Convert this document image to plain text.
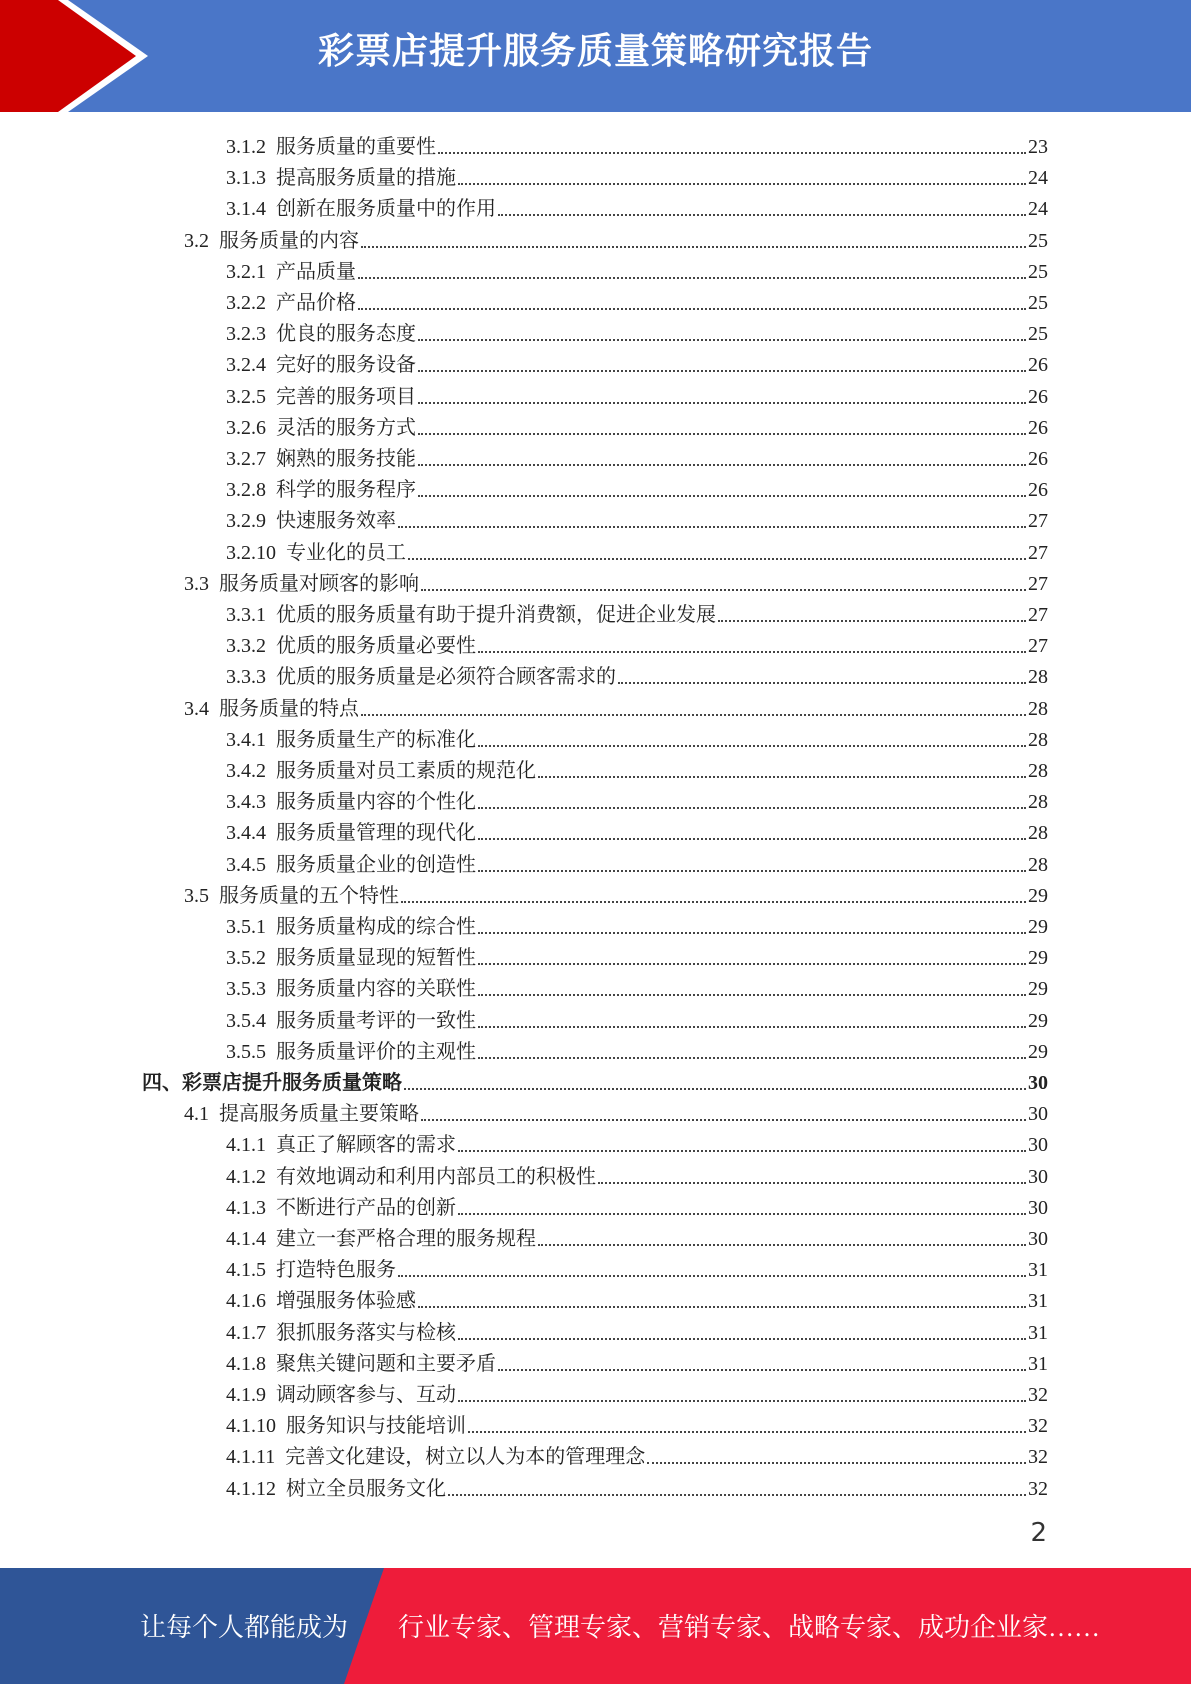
彩票店提升服务质量策略研究报告
3.1.2 服务质量的重要性	23
3.1.3 提高服务质量的措施	24
3.1.4 创新在服务质量中的作用	24
3.2 服务质量的内容	25
3.2.1 产品质量	25
3.2.2 产品价格	25
3.2.3 优良的服务态度	25
3.2.4 完好的服务设备	26
3.2.5 完善的服务项目	26
3.2.6 灵活的服务方式	26
3.2.7 娴熟的服务技能	26
3.2.8 科学的服务程序	26
3.2.9 快速服务效率	27
3.2.10 专业化的员工	27
3.3 服务质量对顾客的影响	27
3.3.1 优质的服务质量有助于提升消费额，促进企业发展	27
3.3.2 优质的服务质量必要性	27
3.3.3 优质的服务质量是必须符合顾客需求的	28
3.4 服务质量的特点	28
3.4.1 服务质量生产的标准化	28
3.4.2 服务质量对员工素质的规范化	28
3.4.3 服务质量内容的个性化	28
3.4.4 服务质量管理的现代化	28
3.4.5 服务质量企业的创造性	28
3.5 服务质量的五个特性	29
3.5.1 服务质量构成的综合性	29
3.5.2 服务质量显现的短暂性	29
3.5.3 服务质量内容的关联性	29
3.5.4 服务质量考评的一致性	29
3.5.5 服务质量评价的主观性	29
四、彩票店提升服务质量策略	30
4.1 提高服务质量主要策略	30
4.1.1 真正了解顾客的需求	30
4.1.2 有效地调动和利用内部员工的积极性	30
4.1.3 不断进行产品的创新	30
4.1.4 建立一套严格合理的服务规程	30
4.1.5 打造特色服务	31
4.1.6 增强服务体验感	31
4.1.7 狠抓服务落实与检核	31
4.1.8 聚焦关键问题和主要矛盾	31
4.1.9 调动顾客参与、互动	32
4.1.10 服务知识与技能培训	32
4.1.11 完善文化建设，树立以人为本的管理理念	32
4.1.12 树立全员服务文化	32
2
让每个人都能成为 行业专家、管理专家、营销专家、战略专家、成功企业家……
